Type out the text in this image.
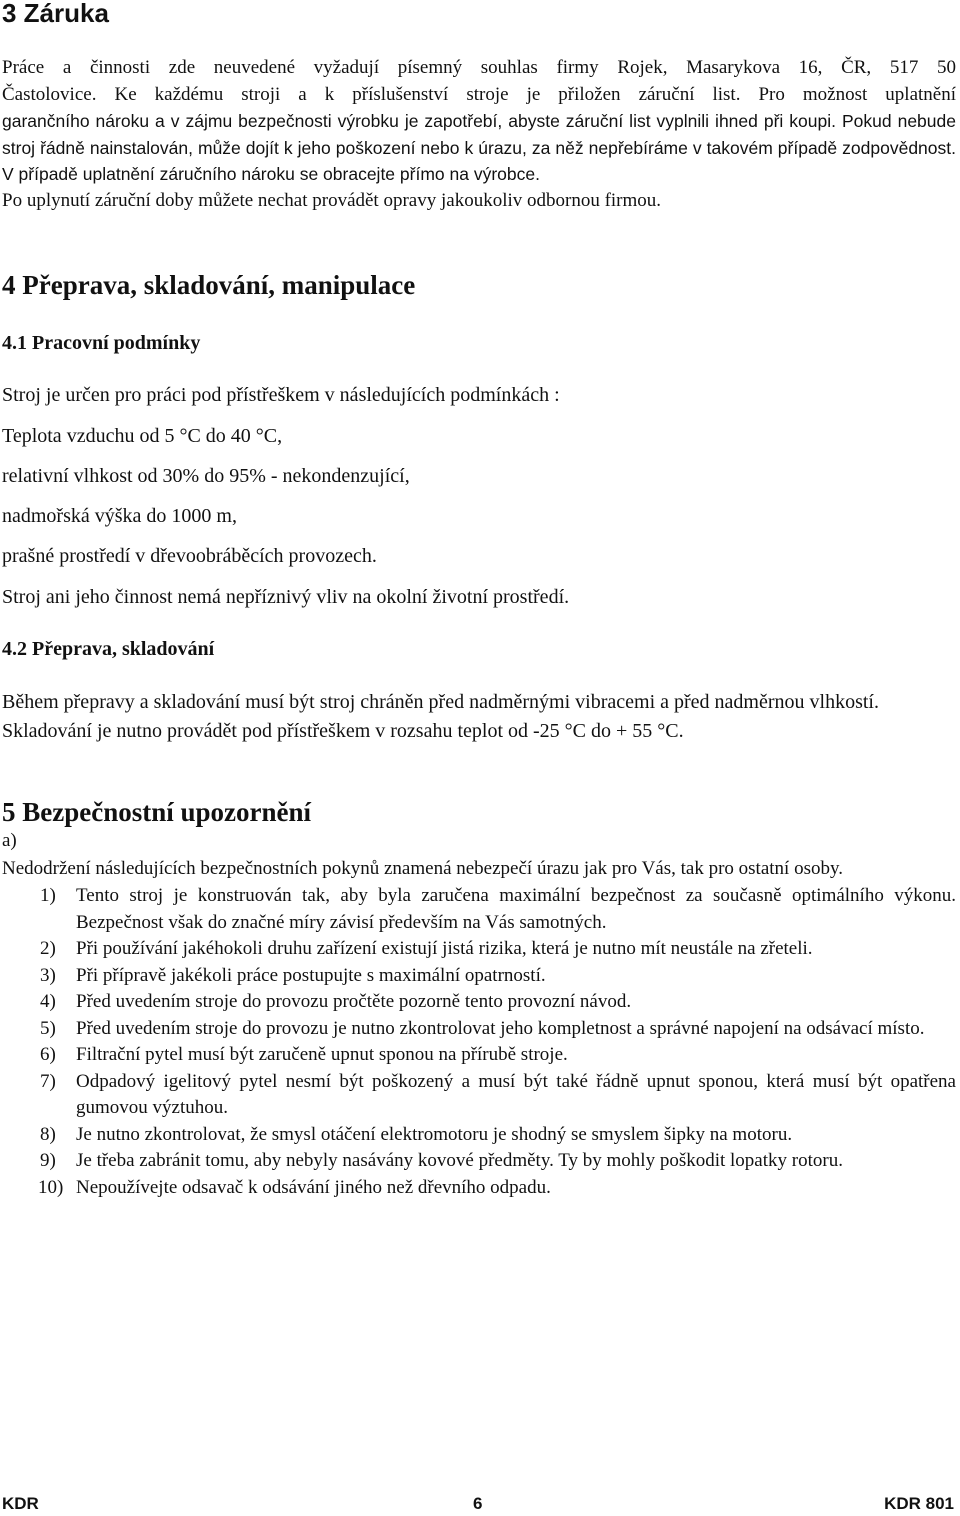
3 Záruka

Práce a činnosti zde neuvedené vyžadují písemný souhlas firmy Rojek, Masarykova 16, ČR, 517 50

Častolovice. Ke každému stroji a k příslušenství stroje je přiložen záruční list. Pro možnost uplatnění

garančního nároku a v zájmu bezpečnosti výrobku je zapotřebí, abyste záruční list vyplnili ihned při koupi. Pokud nebude stroj řádně nainstalován, může dojít k jeho poškození nebo k úrazu, za něž nepřebíráme v takovém případě zodpovědnost. V případě uplatnění záručního nároku se obracejte přímo na výrobce.

Po uplynutí záruční doby můžete nechat provádět opravy jakoukoliv odbornou firmou.

4 Přeprava, skladování, manipulace
4.1 Pracovní podmínky

Stroj je určen pro práci pod přístřeškem v následujících podmínkách :

Teplota vzduchu od 5 °C do 40 °C,

relativní vlhkost od 30% do 95% - nekondenzující,

nadmořská výška do 1000 m,

prašné prostředí v dřevoobráběcích provozech.

Stroj ani jeho činnost nemá nepříznivý vliv na okolní životní prostředí.

4.2 Přeprava, skladování

Během přepravy a skladování musí být stroj chráněn před nadměrnými vibracemi a před nadměrnou vlhkostí.

Skladování je nutno provádět pod přístřeškem v rozsahu teplot od -25 °C do + 55 °C.

5 Bezpečnostní upozornění

a)

Nedodržení následujících bezpečnostních pokynů znamená nebezpečí úrazu jak pro Vás, tak pro ostatní osoby.

1) Tento stroj je konstruován tak, aby byla zaručena maximální bezpečnost za současně optimálního výkonu. Bezpečnost však do značné míry závisí především na Vás samotných.
2) Při používání jakéhokoli druhu zařízení existují jistá rizika, která je nutno mít neustále na zřeteli.
3) Při přípravě jakékoli práce postupujte s maximální opatrností.
4) Před uvedením stroje do provozu pročtěte pozorně tento provozní návod.
5) Před uvedením stroje do provozu je nutno zkontrolovat jeho kompletnost a správné napojení na odsávací místo.
6) Filtrační pytel musí být zaručeně upnut sponou na přírubě stroje.
7) Odpadový igelitový pytel nesmí být poškozený a musí být také řádně upnut sponou, která musí být opatřena gumovou výztuhou.
8) Je nutno zkontrolovat, že smysl otáčení elektromotoru je shodný se smyslem šipky na motoru.
9) Je třeba zabránit tomu, aby nebyly nasávány kovové předměty. Ty by mohly poškodit lopatky rotoru.
10) Nepoužívejte odsavač k odsávání jiného než dřevního odpadu.
KDR	6	KDR 801
